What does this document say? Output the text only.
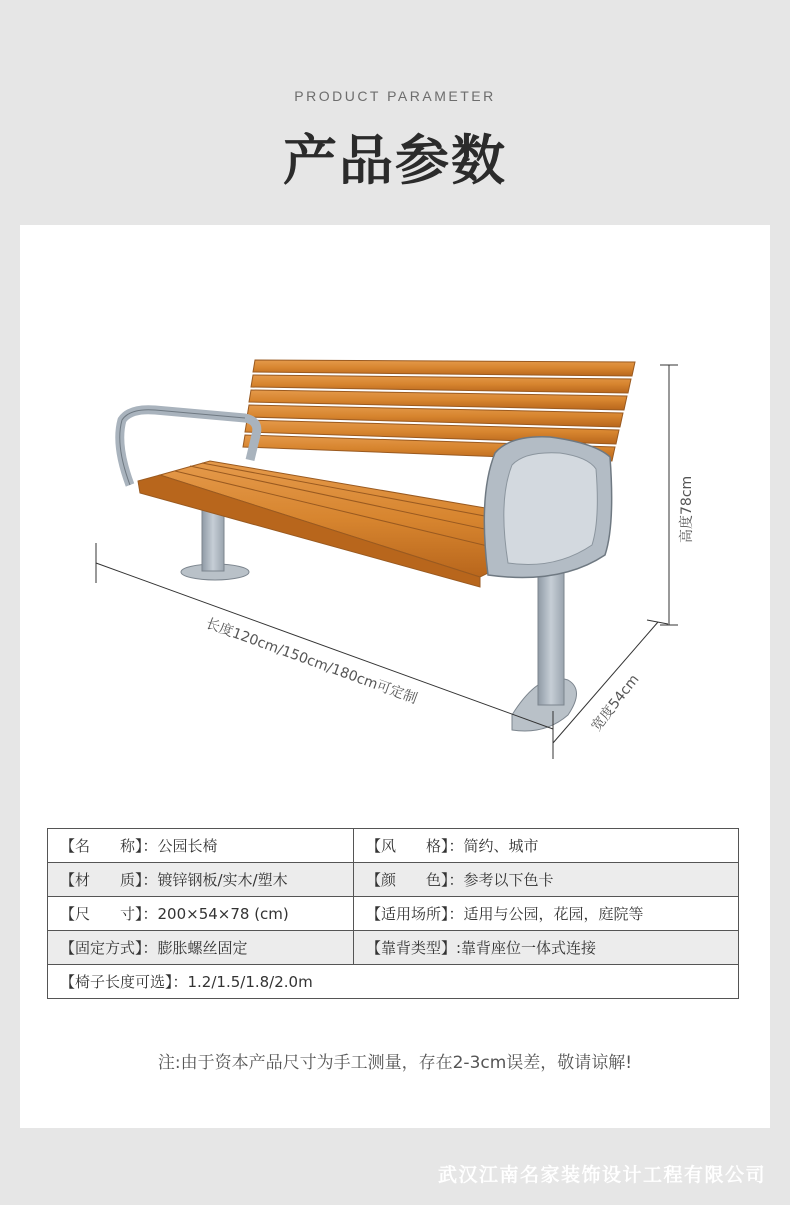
PRODUCT PARAMETER
产品参数
长度120cm/150cm/180cm可定制	宽度54cm
高度78cm
【名　　称】：公园长椅	【风　　格】：简约、城市
【材　　质】：镀锌钢板/实木/塑木	【颜　　色】：参考以下色卡
【尺　　寸】：200×54×78 (cm)	【适用场所】：适用与公园，花园，庭院等
【固定方式】：膨胀螺丝固定	【靠背类型】:靠背座位一体式连接
【椅子长度可选】：1.2/1.5/1.8/2.0m	
注:由于资本产品尺寸为手工测量，存在2-3cm误差，敬请谅解!
武汉江南名家装饰设计工程有限公司
